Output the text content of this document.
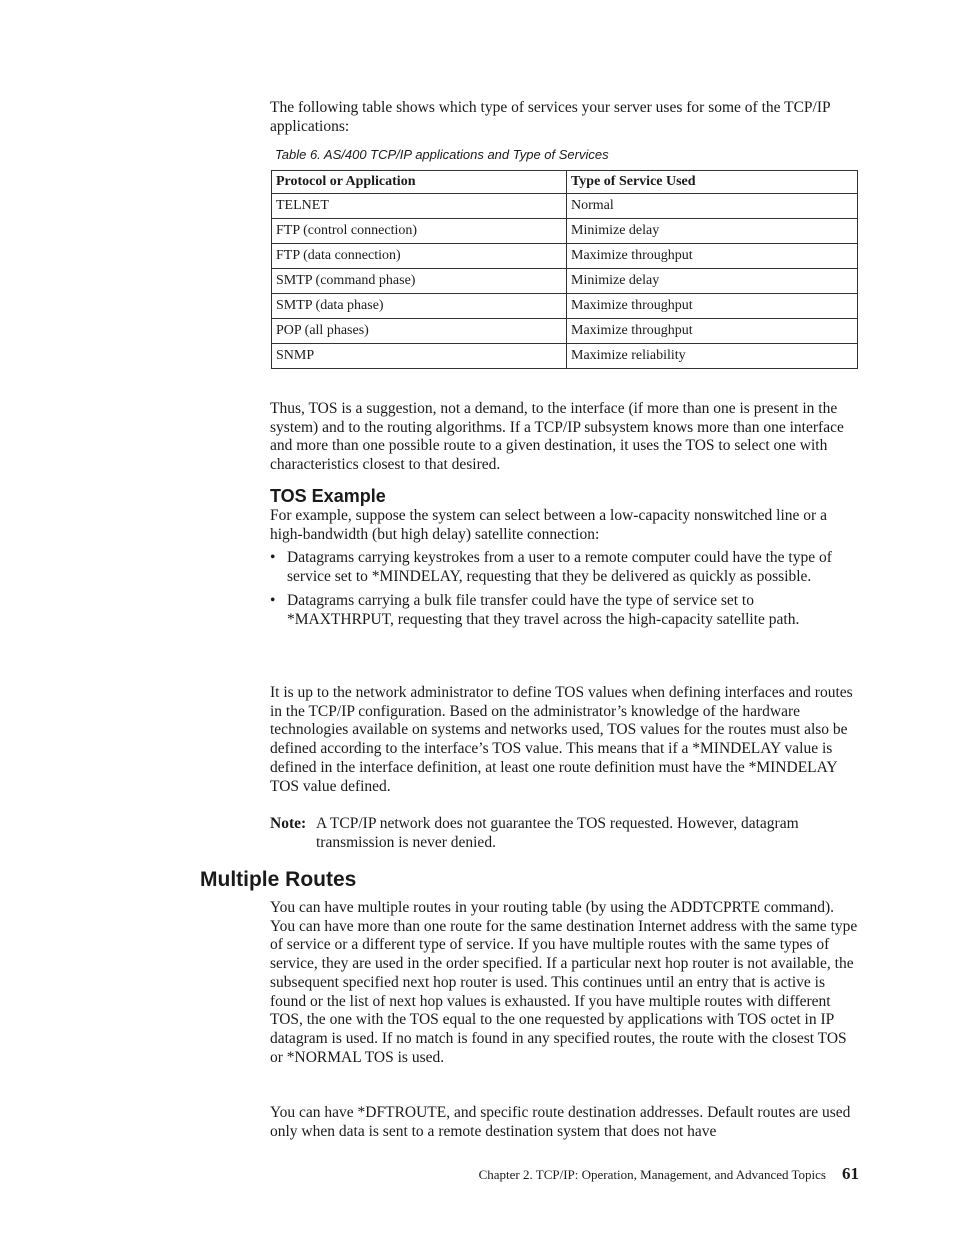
The following table shows which type of services your server uses for some of the TCP/IP applications:

Table 6. AS/400 TCP/IP applications and Type of Services
Protocol or Application	Type of Service Used
TELNET	Normal
FTP (control connection)	Minimize delay
FTP (data connection)	Maximize throughput
SMTP (command phase)	Minimize delay
SMTP (data phase)	Maximize throughput
POP (all phases)	Maximize throughput
SNMP	Maximize reliability

Thus, TOS is a suggestion, not a demand, to the interface (if more than one is present in the system) and to the routing algorithms. If a TCP/IP subsystem knows more than one interface and more than one possible route to a given destination, it uses the TOS to select one with characteristics closest to that desired.

TOS Example

For example, suppose the system can select between a low-capacity nonswitched line or a high-bandwidth (but high delay) satellite connection:

• Datagrams carrying keystrokes from a user to a remote computer could have the type of service set to *MINDELAY, requesting that they be delivered as quickly as possible.
• Datagrams carrying a bulk file transfer could have the type of service set to *MAXTHRPUT, requesting that they travel across the high-capacity satellite path.

It is up to the network administrator to define TOS values when defining interfaces and routes in the TCP/IP configuration. Based on the administrator’s knowledge of the hardware technologies available on systems and networks used, TOS values for the routes must also be defined according to the interface’s TOS value. This means that if a *MINDELAY value is defined in the interface definition, at least one route definition must have the *MINDELAY TOS value defined.

Note: A TCP/IP network does not guarantee the TOS requested. However, datagram transmission is never denied.

Multiple Routes

You can have multiple routes in your routing table (by using the ADDTCPRTE command). You can have more than one route for the same destination Internet address with the same type of service or a different type of service. If you have multiple routes with the same types of service, they are used in the order specified. If a particular next hop router is not available, the subsequent specified next hop router is used. This continues until an entry that is active is found or the list of next hop values is exhausted. If you have multiple routes with different TOS, the one with the TOS equal to the one requested by applications with TOS octet in IP datagram is used. If no match is found in any specified routes, the route with the closest TOS or *NORMAL TOS is used.

You can have *DFTROUTE, and specific route destination addresses. Default routes are used only when data is sent to a remote destination system that does not have

Chapter 2. TCP/IP: Operation, Management, and Advanced Topics 61
